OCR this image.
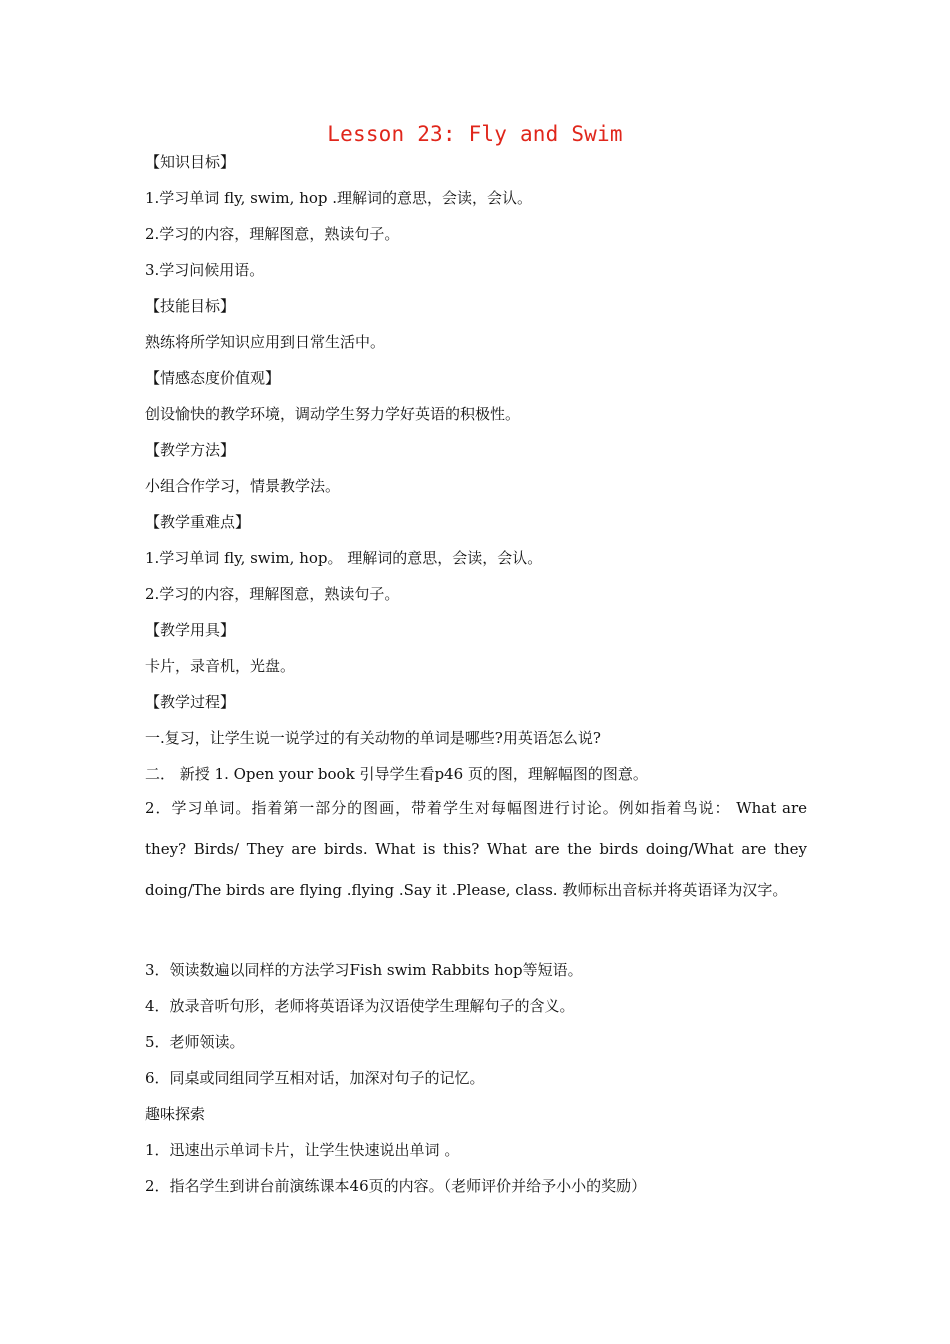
Lesson 23: Fly and Swim
【知识目标】
1.学习单词 fly, swim, hop .理解词的意思，会读，会认。
2.学习的内容，理解图意，熟读句子。
3.学习问候用语。
【技能目标】
熟练将所学知识应用到日常生活中。
【情感态度价值观】
创设愉快的教学环境，调动学生努力学好英语的积极性。
【教学方法】
小组合作学习，情景教学法。
【教学重难点】
1.学习单词 fly, swim, hop。 理解词的意思，会读，会认。
2.学习的内容，理解图意，熟读句子。
【教学用具】
卡片，录音机，光盘。
【教学过程】
一.复习，让学生说一说学过的有关动物的单词是哪些?用英语怎么说?
二． 新授 1. Open your book 引导学生看p46 页的图，理解幅图的图意。
2．学习单词。指着第一部分的图画，带着学生对每幅图进行讨论。例如指着鸟说： What are they? Birds/ They are birds. What is this? What are the birds doing/What are they doing/The birds are flying .flying .Say it .Please, class. 教师标出音标并将英语译为汉字。
3．领读数遍以同样的方法学习Fish swim Rabbits hop等短语。
4．放录音听句形，老师将英语译为汉语使学生理解句子的含义。
5．老师领读。
6．同桌或同组同学互相对话，加深对句子的记忆。
趣味探索
1．迅速出示单词卡片，让学生快速说出单词 。
2．指名学生到讲台前演练课本46页的内容。（老师评价并给予小小的奖励）
